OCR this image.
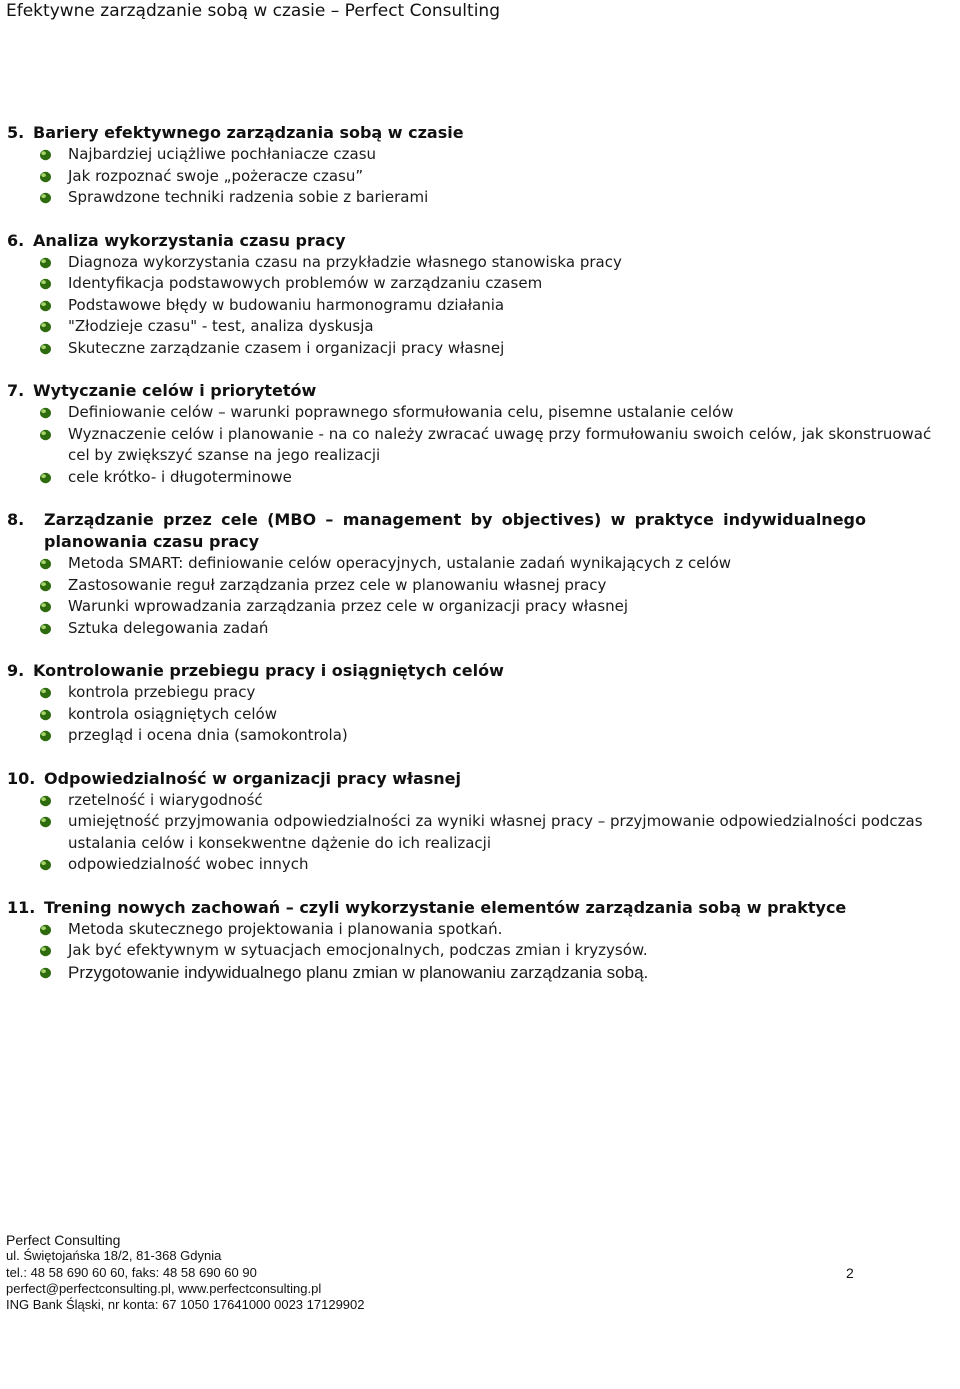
Efektywne zarządzanie sobą w czasie – Perfect Consulting
5. Bariery efektywnego zarządzania sobą w czasie
Najbardziej uciążliwe pochłaniacze czasu
Jak rozpoznać swoje „pożeracze czasu”
Sprawdzone techniki radzenia sobie z barierami
6. Analiza wykorzystania czasu pracy
Diagnoza wykorzystania czasu na przykładzie własnego stanowiska pracy
Identyfikacja podstawowych problemów w zarządzaniu czasem
Podstawowe błędy w budowaniu harmonogramu działania
"Złodzieje czasu" - test, analiza dyskusja
Skuteczne zarządzanie czasem i organizacji pracy własnej
7. Wytyczanie celów i priorytetów
Definiowanie celów – warunki poprawnego sformułowania celu, pisemne ustalanie celów
Wyznaczenie celów i planowanie - na co należy zwracać uwagę przy formułowaniu swoich celów, jak skonstruować cel by zwiększyć szanse na jego realizacji
cele krótko- i długoterminowe
8.	Zarządzanie przez cele (MBO – management by objectives) w praktyce indywidualnego planowania czasu pracy
Metoda SMART: definiowanie celów operacyjnych, ustalanie zadań wynikających z celów
Zastosowanie reguł zarządzania przez cele w planowaniu własnej pracy
Warunki wprowadzania zarządzania przez cele w organizacji pracy własnej
Sztuka delegowania zadań
9. Kontrolowanie przebiegu pracy i osiągniętych celów
kontrola przebiegu pracy
kontrola osiągniętych celów
przegląd i ocena dnia (samokontrola)
10. Odpowiedzialność w organizacji pracy własnej
rzetelność i wiarygodność
umiejętność przyjmowania odpowiedzialności za wyniki własnej pracy – przyjmowanie odpowiedzialności podczas ustalania celów i konsekwentne dążenie do ich realizacji
odpowiedzialność wobec innych
11. Trening nowych zachowań – czyli wykorzystanie elementów zarządzania sobą w praktyce
Metoda skutecznego projektowania i planowania spotkań.
Jak być efektywnym w sytuacjach emocjonalnych, podczas zmian i kryzysów.
Przygotowanie indywidualnego planu zmian w planowaniu zarządzania sobą.
Perfect Consulting
ul. Świętojańska 18/2, 81-368 Gdynia
tel.: 48 58 690 60 60, faks: 48 58 690 60 90
perfect@perfectconsulting.pl, www.perfectconsulting.pl
ING Bank Śląski, nr konta: 67 1050 17641000 0023 17129902
2
